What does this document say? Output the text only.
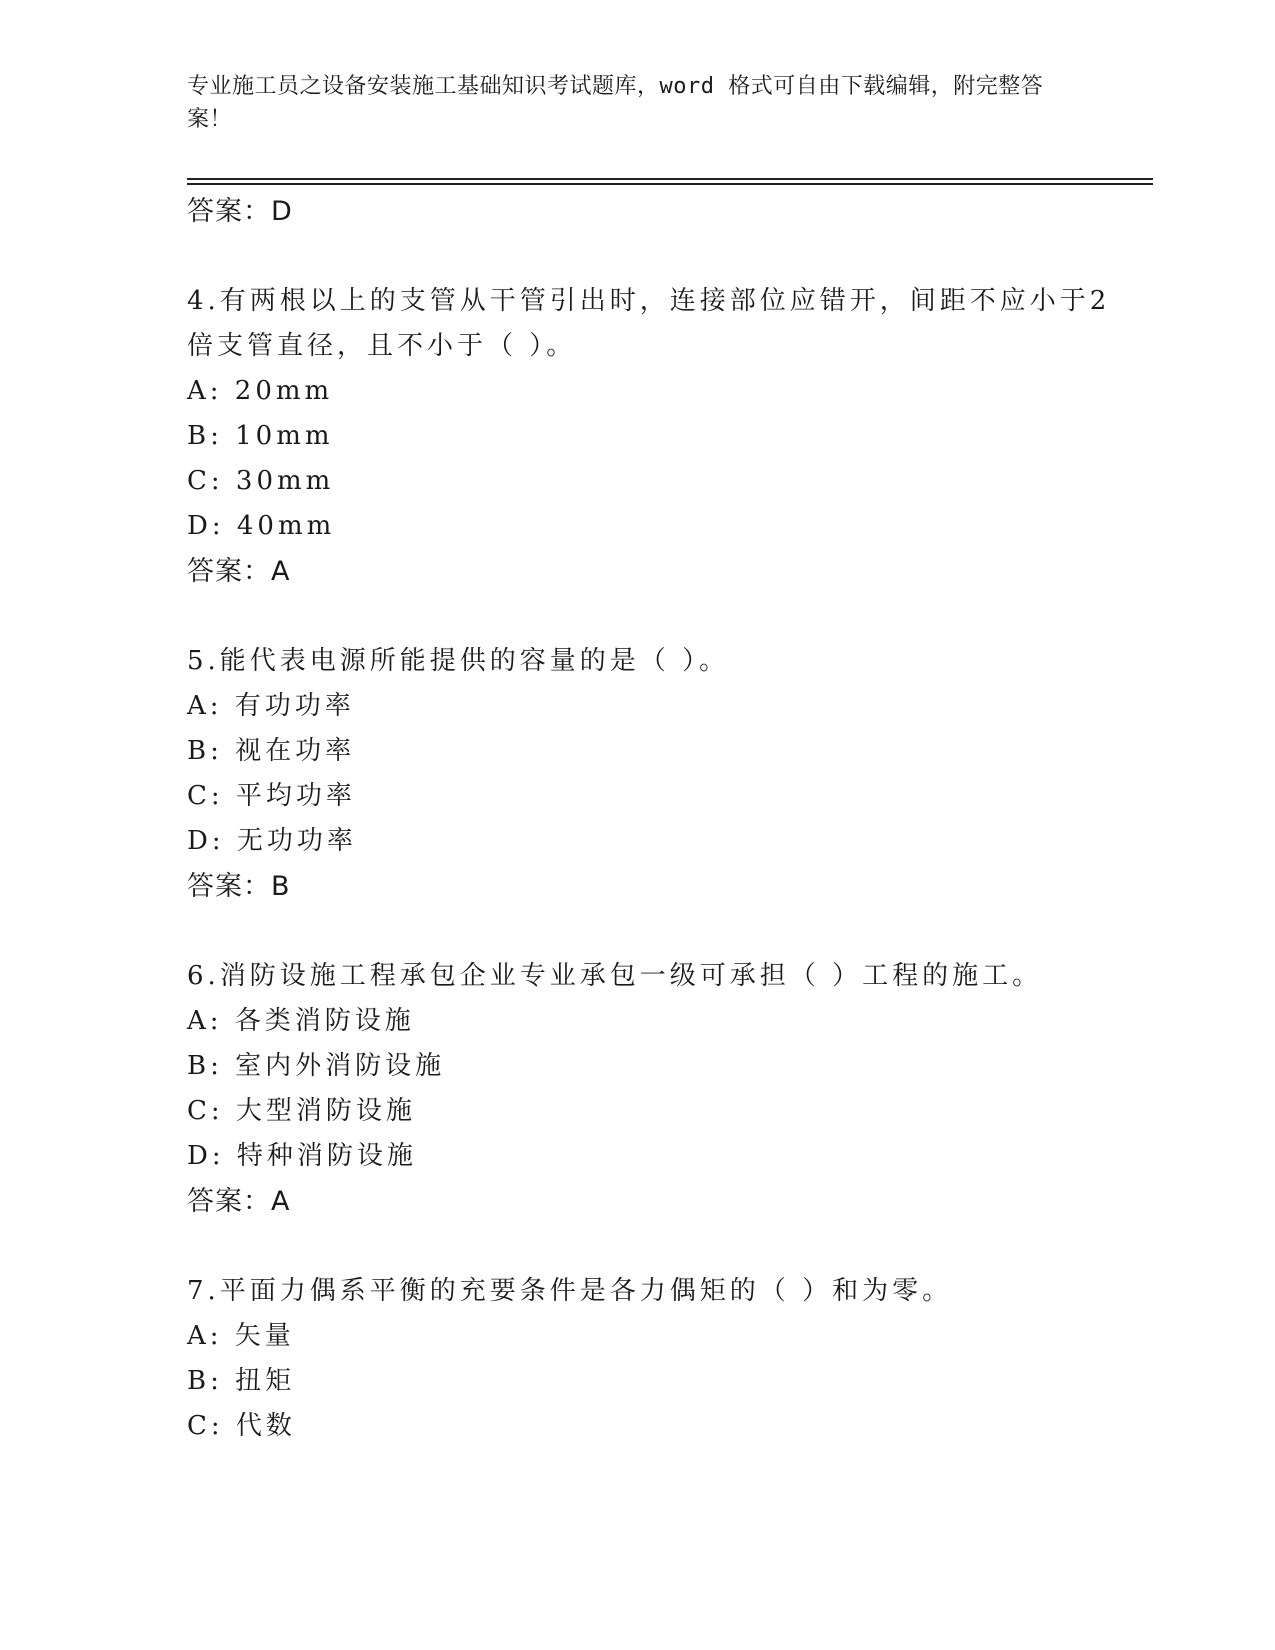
专业施工员之设备安装施工基础知识考试题库，word 格式可自由下载编辑，附完整答案！

答案：D

4.有两根以上的支管从干管引出时，连接部位应错开，间距不应小于2倍支管直径，且不小于（ ）。

A: 20mm

B: 10mm

C: 30mm

D: 40mm

答案：A

5.能代表电源所能提供的容量的是（ ）。

A: 有功功率

B: 视在功率

C: 平均功率

D: 无功功率

答案：B

6.消防设施工程承包企业专业承包一级可承担（ ）工程的施工。

A: 各类消防设施

B: 室内外消防设施

C: 大型消防设施

D: 特种消防设施

答案：A

7.平面力偶系平衡的充要条件是各力偶矩的（ ）和为零。

A: 矢量

B: 扭矩

C: 代数
